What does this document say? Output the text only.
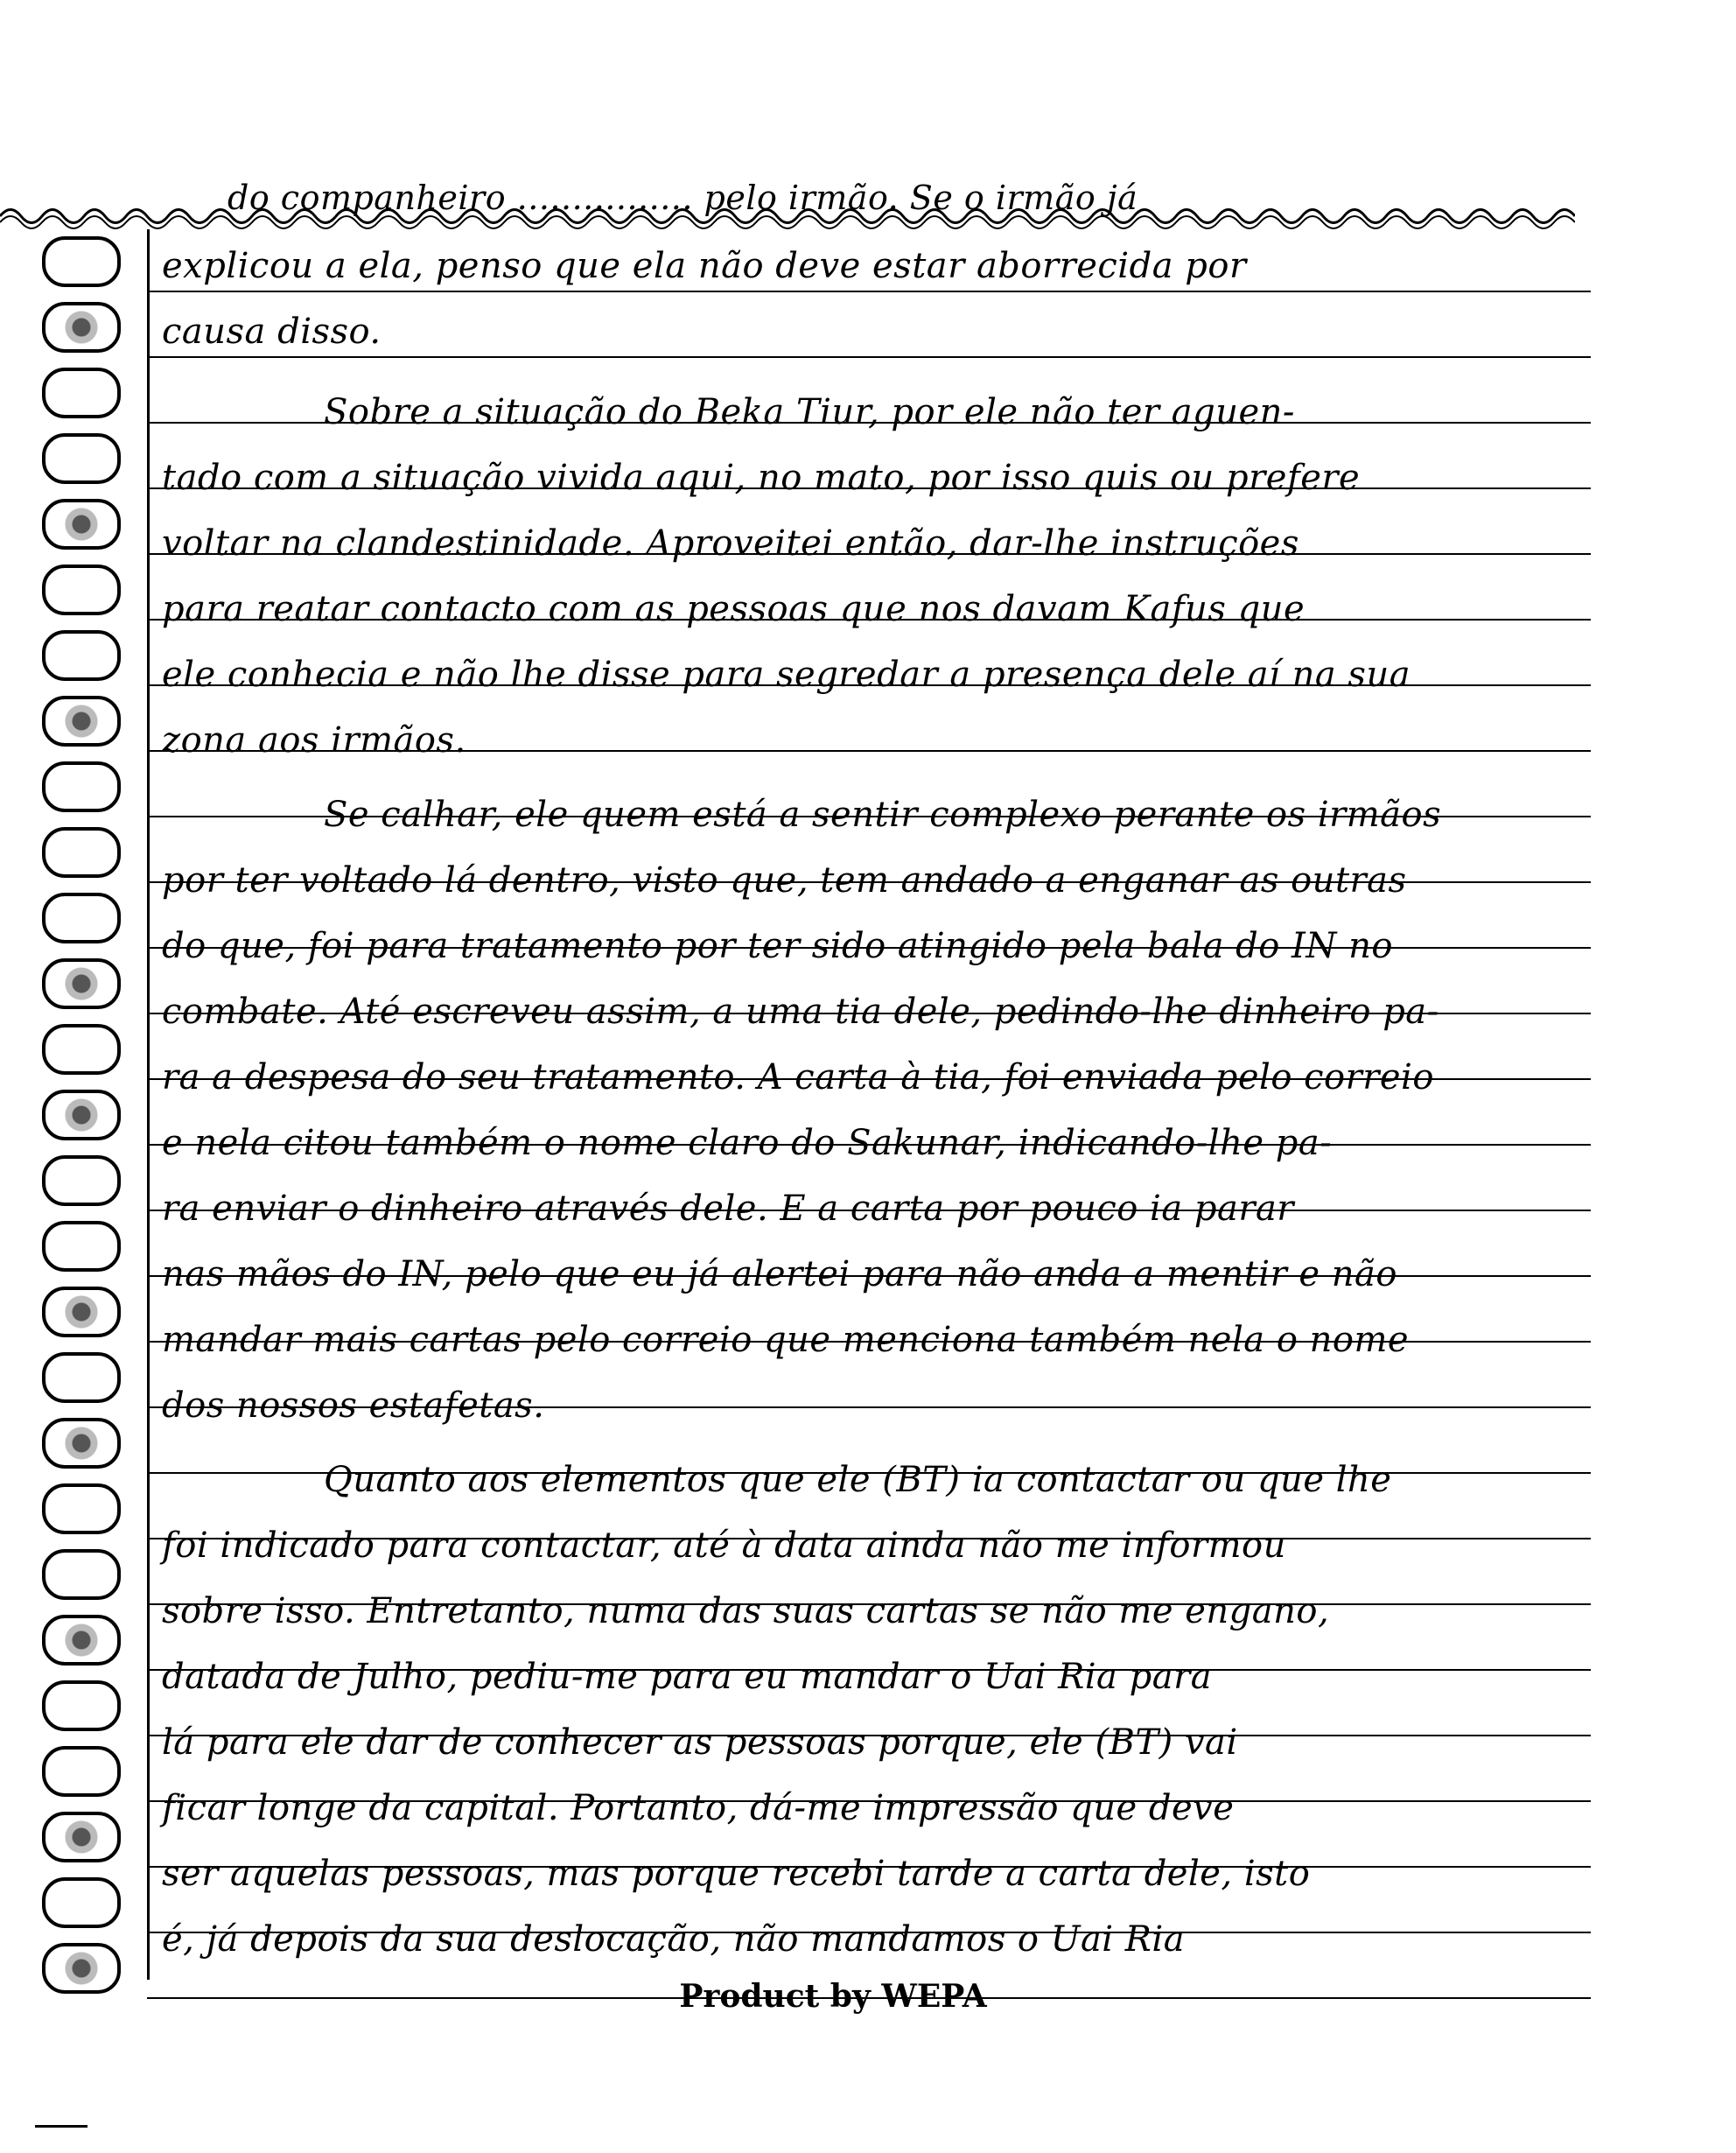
do companheiro ................ pelo irmão. Se o irmão já
explicou a ela, penso que ela não deve estar aborrecida por
causa disso.
Sobre a situação do Beka Tiur, por ele não ter aguen-
tado com a situação vivida aqui, no mato, por isso quis ou prefere
voltar na clandestinidade. Aproveitei então, dar-lhe instruções
para reatar contacto com as pessoas que nos davam Kafus que
ele conhecia e não lhe disse para segredar a presença dele aí na sua
zona aos irmãos.
Se calhar, ele quem está a sentir complexo perante os irmãos
por ter voltado lá dentro, visto que, tem andado a enganar as outras
do que, foi para tratamento por ter sido atingido pela bala do IN no
combate. Até escreveu assim, a uma tia dele, pedindo-lhe dinheiro pa-
ra a despesa do seu tratamento. A carta à tia, foi enviada pelo correio
e nela citou também o nome claro do Sakunar, indicando-lhe pa-
ra enviar o dinheiro através dele. E a carta por pouco ia parar
nas mãos do IN, pelo que eu já alertei para não anda a mentir e não
mandar mais cartas pelo correio que menciona também nela o nome
dos nossos estafetas.
Quanto aos elementos que ele (BT) ia contactar ou que lhe
foi indicado para contactar, até à data ainda não me informou
sobre isso. Entretanto, numa das suas cartas se não me engano,
datada de Julho, pediu-me para eu mandar o Uai Ria para
lá para ele dar de conhecer as pessoas porque, ele (BT) vai
ficar longe da capital. Portanto, dá-me impressão que deve
ser aquelas pessoas, mas porque recebi tarde a carta dele, isto
é, já depois da sua deslocação, não mandamos o Uai Ria
Product by WEPA
